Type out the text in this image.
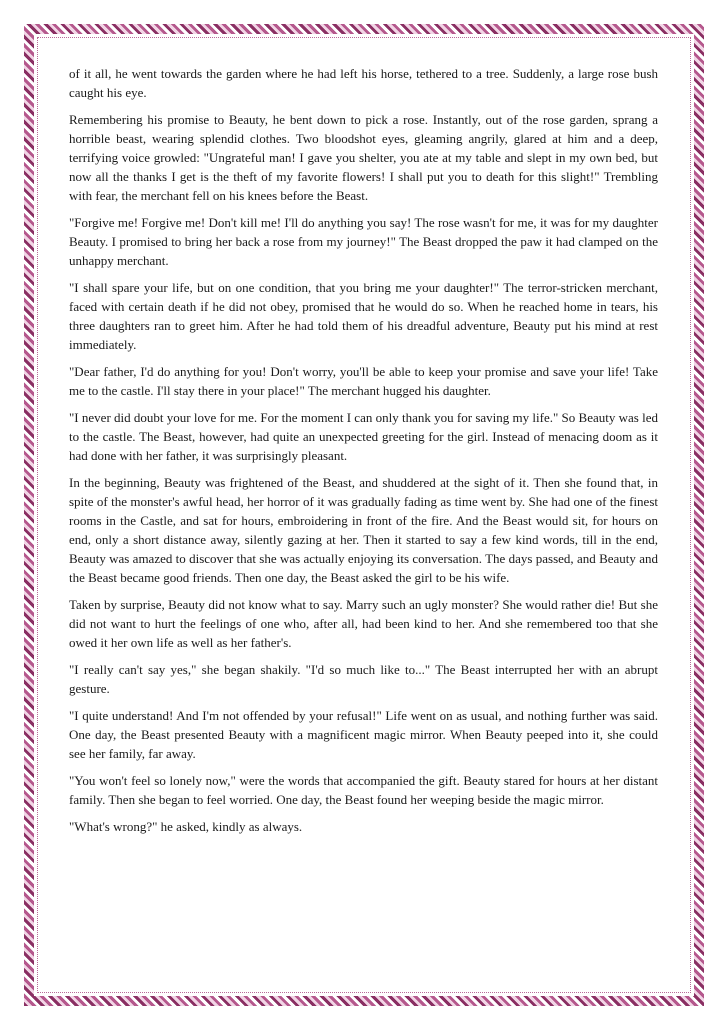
of it all, he went towards the garden where he had left his horse, tethered to a tree. Suddenly, a large rose bush caught his eye.

Remembering his promise to Beauty, he bent down to pick a rose. Instantly, out of the rose garden, sprang a horrible beast, wearing splendid clothes. Two bloodshot eyes, gleaming angrily, glared at him and a deep, terrifying voice growled: "Ungrateful man! I gave you shelter, you ate at my table and slept in my own bed, but now all the thanks I get is the theft of my favorite flowers! I shall put you to death for this slight!" Trembling with fear, the merchant fell on his knees before the Beast.

"Forgive me! Forgive me! Don't kill me! I'll do anything you say! The rose wasn't for me, it was for my daughter Beauty. I promised to bring her back a rose from my journey!" The Beast dropped the paw it had clamped on the unhappy merchant.

"I shall spare your life, but on one condition, that you bring me your daughter!" The terror-stricken merchant, faced with certain death if he did not obey, promised that he would do so. When he reached home in tears, his three daughters ran to greet him. After he had told them of his dreadful adventure, Beauty put his mind at rest immediately.

"Dear father, I'd do anything for you! Don't worry, you'll be able to keep your promise and save your life! Take me to the castle. I'll stay there in your place!" The merchant hugged his daughter.

"I never did doubt your love for me. For the moment I can only thank you for saving my life." So Beauty was led to the castle. The Beast, however, had quite an unexpected greeting for the girl. Instead of menacing doom as it had done with her father, it was surprisingly pleasant.

In the beginning, Beauty was frightened of the Beast, and shuddered at the sight of it. Then she found that, in spite of the monster's awful head, her horror of it was gradually fading as time went by. She had one of the finest rooms in the Castle, and sat for hours, embroidering in front of the fire. And the Beast would sit, for hours on end, only a short distance away, silently gazing at her. Then it started to say a few kind words, till in the end, Beauty was amazed to discover that she was actually enjoying its conversation. The days passed, and Beauty and the Beast became good friends. Then one day, the Beast asked the girl to be his wife.

Taken by surprise, Beauty did not know what to say. Marry such an ugly monster? She would rather die! But she did not want to hurt the feelings of one who, after all, had been kind to her. And she remembered too that she owed it her own life as well as her father's.

"I really can't say yes," she began shakily. "I'd so much like to..." The Beast interrupted her with an abrupt gesture.

"I quite understand! And I'm not offended by your refusal!" Life went on as usual, and nothing further was said. One day, the Beast presented Beauty with a magnificent magic mirror. When Beauty peeped into it, she could see her family, far away.

"You won't feel so lonely now," were the words that accompanied the gift. Beauty stared for hours at her distant family. Then she began to feel worried. One day, the Beast found her weeping beside the magic mirror.

"What's wrong?" he asked, kindly as always.
